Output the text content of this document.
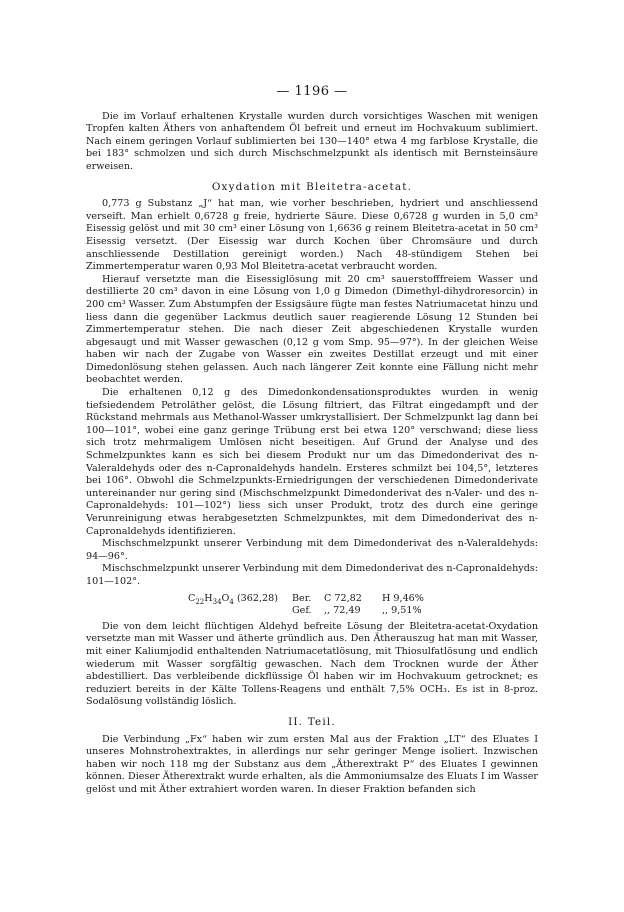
— 1196 —

Die im Vorlauf erhaltenen Krystalle wurden durch vorsichtiges Waschen mit wenigen Tropfen kalten Äthers von anhaftendem Öl befreit und erneut im Hochvakuum sublimiert. Nach einem geringen Vorlauf sublimierten bei 130—140° etwa 4 mg farblose Krystalle, die bei 183° schmolzen und sich durch Mischschmelzpunkt als identisch mit Bernsteinsäure erweisen.

Oxydation mit Bleitetra-acetat.

0,773 g Substanz „J“ hat man, wie vorher beschrieben, hydriert und anschliessend verseift. Man erhielt 0,6728 g freie, hydrierte Säure. Diese 0,6728 g wurden in 5,0 cm³ Eisessig gelöst und mit 30 cm³ einer Lösung von 1,6636 g reinem Bleitetra-acetat in 50 cm³ Eisessig versetzt. (Der Eisessig war durch Kochen über Chromsäure und durch anschliessende Destillation gereinigt worden.) Nach 48-stündigem Stehen bei Zimmertemperatur waren 0,93 Mol Bleitetra-acetat verbraucht worden.

Hierauf versetzte man die Eisessiglösung mit 20 cm³ sauerstofffreiem Wasser und destillierte 20 cm³ davon in eine Lösung von 1,0 g Dimedon (Dimethyl-dihydroresorcin) in 200 cm³ Wasser. Zum Abstumpfen der Essigsäure fügte man festes Natriumacetat hinzu und liess dann die gegenüber Lackmus deutlich sauer reagierende Lösung 12 Stunden bei Zimmertemperatur stehen. Die nach dieser Zeit abgeschiedenen Krystalle wurden abgesaugt und mit Wasser gewaschen (0,12 g vom Smp. 95—97°). In der gleichen Weise haben wir nach der Zugabe von Wasser ein zweites Destillat erzeugt und mit einer Dimedonlösung stehen gelassen. Auch nach längerer Zeit konnte eine Fällung nicht mehr beobachtet werden.

Die erhaltenen 0,12 g des Dimedonkondensationsproduktes wurden in wenig tiefsiedendem Petroläther gelöst, die Lösung filtriert, das Filtrat eingedampft und der Rückstand mehrmals aus Methanol-Wasser umkrystallisiert. Der Schmelzpunkt lag dann bei 100—101°, wobei eine ganz geringe Trübung erst bei etwa 120° verschwand; diese liess sich trotz mehrmaligem Umlösen nicht beseitigen. Auf Grund der Analyse und des Schmelzpunktes kann es sich bei diesem Produkt nur um das Dimedonderivat des n-Valeraldehyds oder des n-Capronaldehyds handeln. Ersteres schmilzt bei 104,5°, letzteres bei 106°. Obwohl die Schmelzpunkts-Erniedrigungen der verschiedenen Dimedonderivate untereinander nur gering sind (Mischschmelzpunkt Dimedonderivat des n-Valer- und des n-Capronaldehyds: 101—102°) liess sich unser Produkt, trotz des durch eine geringe Verunreinigung etwas herabgesetzten Schmelzpunktes, mit dem Dimedonderivat des n-Capronaldehyds identifizieren.

Mischschmelzpunkt unserer Verbindung mit dem Dimedonderivat des n-Valeraldehyds: 94—96°.

Mischschmelzpunkt unserer Verbindung mit dem Dimedonderivat des n-Capronaldehyds: 101—102°.

$C_{22}H_{34}O_4$ (362,28)	Ber.	C 72,82	H 9,46%
Gef.	,, 72,49	,, 9,51%

Die von dem leicht flüchtigen Aldehyd befreite Lösung der Bleitetra-acetat-Oxydation versetzte man mit Wasser und ätherte gründlich aus. Den Ätherauszug hat man mit Wasser, mit einer Kaliumjodid enthaltenden Natriumacetatlösung, mit Thiosulfatlösung und endlich wiederum mit Wasser sorgfältig gewaschen. Nach dem Trocknen wurde der Äther abdestilliert. Das verbleibende dickflüssige Öl haben wir im Hochvakuum getrocknet; es reduziert bereits in der Kälte Tollens-Reagens und enthält 7,5% OCH₃. Es ist in 8-proz. Sodalösung vollständig löslich.

II. Teil.

Die Verbindung „Fx“ haben wir zum ersten Mal aus der Fraktion „LT“ des Eluates I unseres Mohnstrohextraktes, in allerdings nur sehr geringer Menge isoliert. Inzwischen haben wir noch 118 mg der Substanz aus dem „Ätherextrakt P“ des Eluates I gewinnen können. Dieser Ätherextrakt wurde erhalten, als die Ammoniumsalze des Eluats I im Wasser gelöst und mit Äther extrahiert worden waren. In dieser Fraktion befanden sich
